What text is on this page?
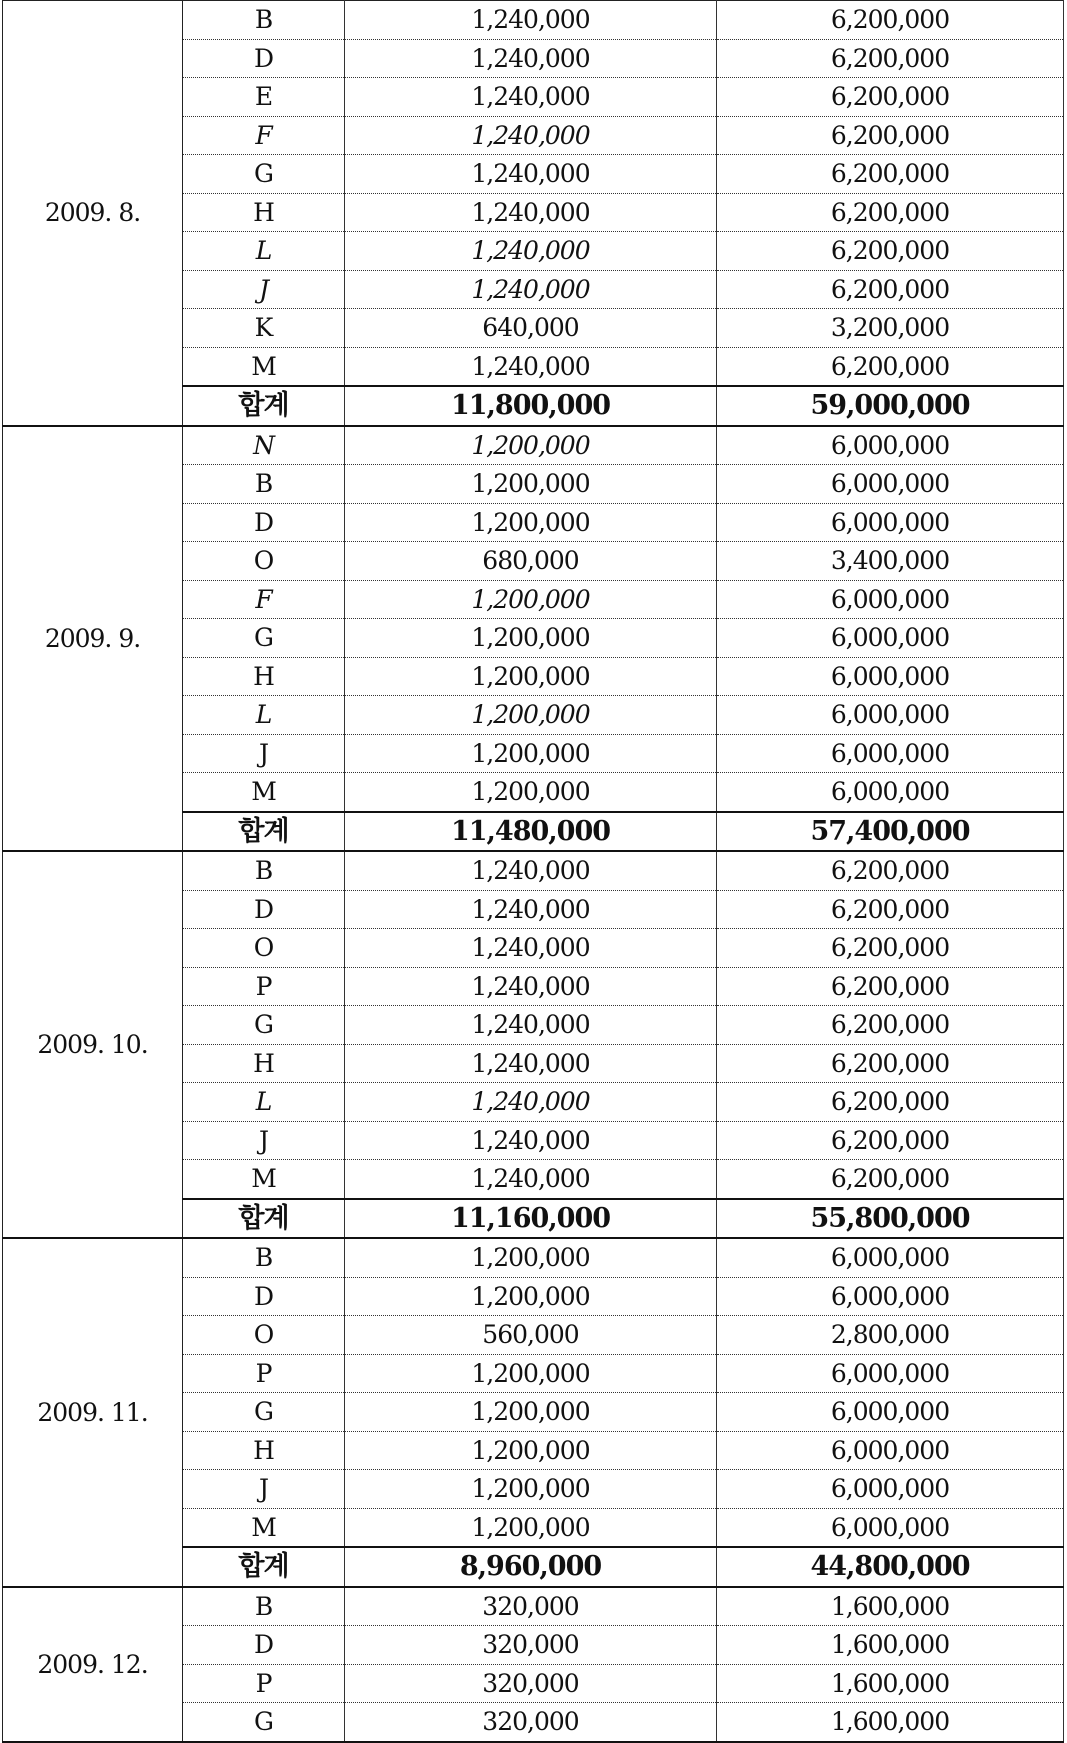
2009. 8.	B	1,240,000	6,200,000
	D	1,240,000	6,200,000
	E	1,240,000	6,200,000
	F	1,240,000	6,200,000
	G	1,240,000	6,200,000
	H	1,240,000	6,200,000
	L	1,240,000	6,200,000
	J	1,240,000	6,200,000
	K	640,000	3,200,000
	M	1,240,000	6,200,000
	합계	11,800,000	59,000,000
2009. 9.	N	1,200,000	6,000,000
	B	1,200,000	6,000,000
	D	1,200,000	6,000,000
	O	680,000	3,400,000
	F	1,200,000	6,000,000
	G	1,200,000	6,000,000
	H	1,200,000	6,000,000
	L	1,200,000	6,000,000
	J	1,200,000	6,000,000
	M	1,200,000	6,000,000
	합계	11,480,000	57,400,000
2009. 10.	B	1,240,000	6,200,000
	D	1,240,000	6,200,000
	O	1,240,000	6,200,000
	P	1,240,000	6,200,000
	G	1,240,000	6,200,000
	H	1,240,000	6,200,000
	L	1,240,000	6,200,000
	J	1,240,000	6,200,000
	M	1,240,000	6,200,000
	합계	11,160,000	55,800,000
2009. 11.	B	1,200,000	6,000,000
	D	1,200,000	6,000,000
	O	560,000	2,800,000
	P	1,200,000	6,000,000
	G	1,200,000	6,000,000
	H	1,200,000	6,000,000
	J	1,200,000	6,000,000
	M	1,200,000	6,000,000
	합계	8,960,000	44,800,000
2009. 12.	B	320,000	1,600,000
	D	320,000	1,600,000
	P	320,000	1,600,000
	G	320,000	1,600,000
